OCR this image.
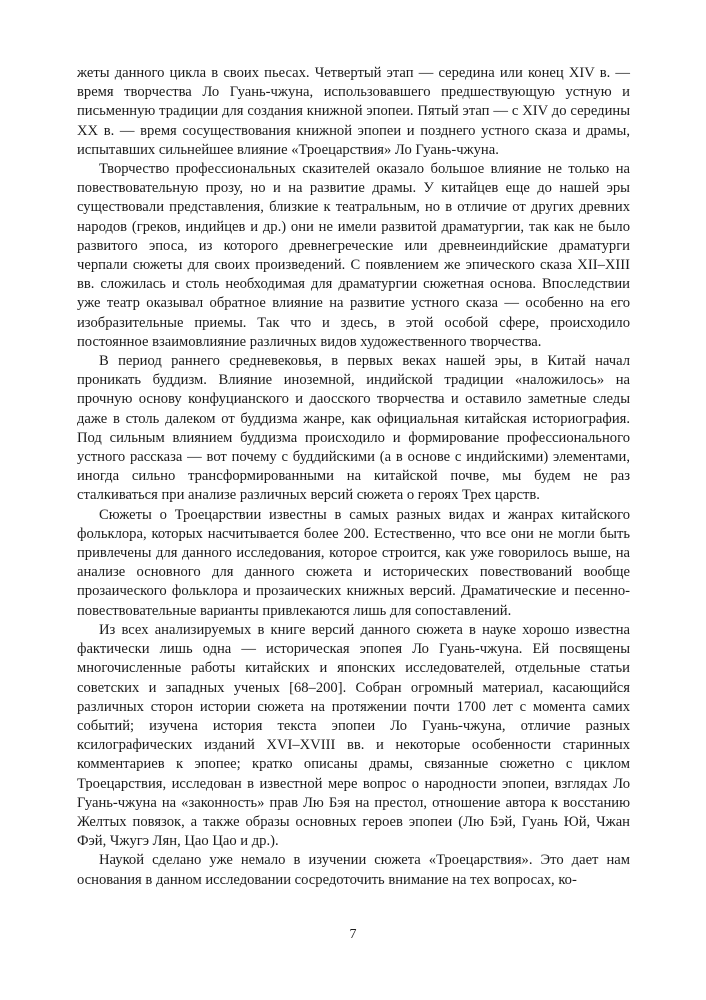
жеты данного цикла в своих пьесах. Четвертый этап — середина или конец XIV в. — время творчества Ло Гуань-чжуна, использовавшего предшествующую устную и письменную традиции для создания книжной эпопеи. Пятый этап — с XIV до середины XX в. — время сосуществования книжной эпопеи и позднего устного сказа и драмы, испытавших сильнейшее влияние «Троецарствия» Ло Гуань-чжуна.

Творчество профессиональных сказителей оказало большое влияние не только на повествовательную прозу, но и на развитие драмы. У китайцев еще до нашей эры существовали представления, близкие к театральным, но в отличие от других древних народов (греков, индийцев и др.) они не имели развитой драматургии, так как не было развитого эпоса, из которого древнегреческие или древнеиндийские драматурги черпали сюжеты для своих произведений. С появлением же эпического сказа XII–XIII вв. сложилась и столь необходимая для драматургии сюжетная основа. Впоследствии уже театр оказывал обратное влияние на развитие устного сказа — особенно на его изобразительные приемы. Так что и здесь, в этой особой сфере, происходило постоянное взаимовлияние различных видов художественного творчества.

В период раннего средневековья, в первых веках нашей эры, в Китай начал проникать буддизм. Влияние иноземной, индийской традиции «наложилось» на прочную основу конфуцианского и даосского творчества и оставило заметные следы даже в столь далеком от буддизма жанре, как официальная китайская историография. Под сильным влиянием буддизма происходило и формирование профессионального устного рассказа — вот почему с буддийскими (а в основе с индийскими) элементами, иногда сильно трансформированными на китайской почве, мы будем не раз сталкиваться при анализе различных версий сюжета о героях Трех царств.

Сюжеты о Троецарствии известны в самых разных видах и жанрах китайского фольклора, которых насчитывается более 200. Естественно, что все они не могли быть привлечены для данного исследования, которое строится, как уже говорилось выше, на анализе основного для данного сюжета и исторических повествований вообще прозаического фольклора и прозаических книжных версий. Драматические и песенно-повествовательные варианты привлекаются лишь для сопоставлений.

Из всех анализируемых в книге версий данного сюжета в науке хорошо известна фактически лишь одна — историческая эпопея Ло Гуань-чжуна. Ей посвящены многочисленные работы китайских и японских исследователей, отдельные статьи советских и западных ученых [68–200]. Собран огромный материал, касающийся различных сторон истории сюжета на протяжении почти 1700 лет с момента самих событий; изучена история текста эпопеи Ло Гуань-чжуна, отличие разных ксилографических изданий XVI–XVIII вв. и некоторые особенности старинных комментариев к эпопее; кратко описаны драмы, связанные сюжетно с циклом Троецарствия, исследован в известной мере вопрос о народности эпопеи, взглядах Ло Гуань-чжуна на «законность» прав Лю Бэя на престол, отношение автора к восстанию Желтых повязок, а также образы основных героев эпопеи (Лю Бэй, Гуань Юй, Чжан Фэй, Чжугэ Лян, Цао Цао и др.).

Наукой сделано уже немало в изучении сюжета «Троецарствия». Это дает нам основания в данном исследовании сосредоточить внимание на тех вопросах, ко-

7
